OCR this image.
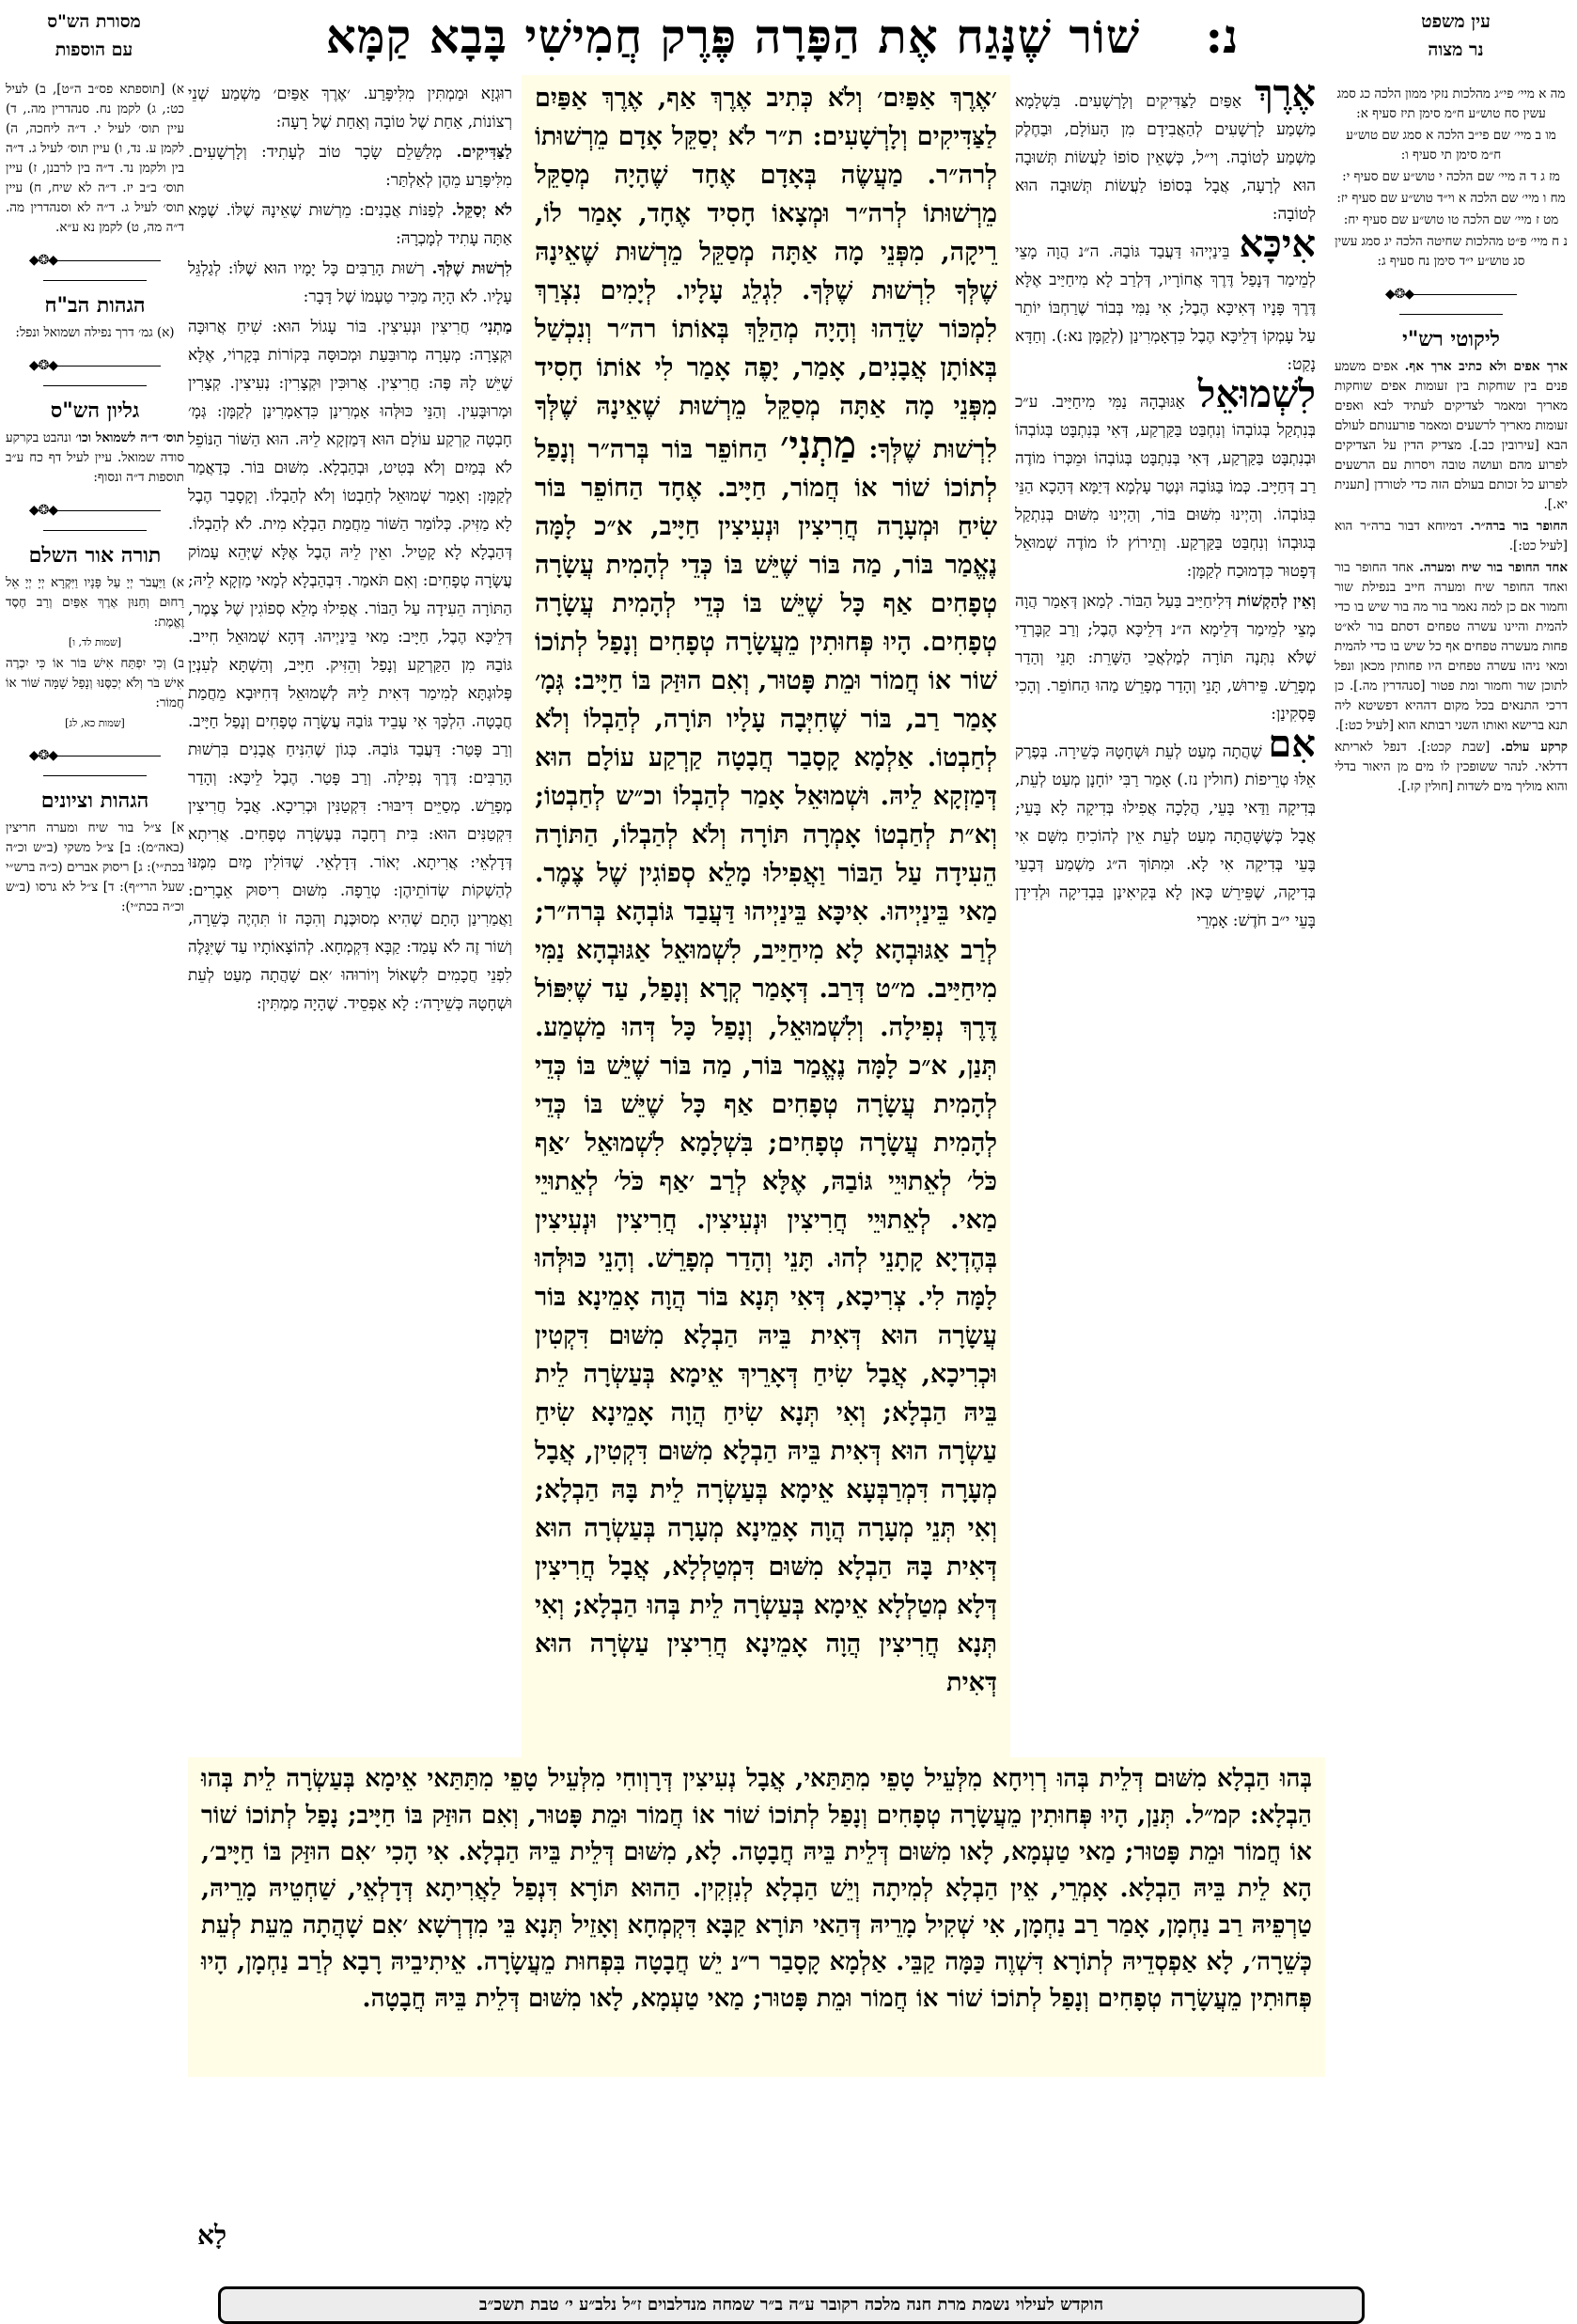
מסורת הש"ס
עם הוספות	שׁוֹר שֶׁנָּגַח אֶת הַפָּרָה פֶּרֶק חֲמִישִׁי בָּבָא קַמָּא	נ:	עין משפט
נר מצוה
מה א מיי׳ פי״ג מהלכות נזקי ממון הלכה כג סמג עשין סח טוש״ע ח״מ סימן תיז סעיף א:
מו ב מיי׳ שם פי״ב הלכה א סמג שם טוש״ע ח״מ סימן תי סעיף ו:
מז ג ד ה מיי׳ שם הלכה י טוש״ע שם סעיף י:
מח ו מיי׳ שם הלכה א וי״ד טוש״ע שם סעיף יז:
מט ז מיי׳ שם הלכה טו טוש״ע שם סעיף יח:
נ ח מיי׳ פ״ט מהלכות שחיטה הלכה יג סמג עשין סג טוש״ע י״ד סימן נח סעיף ג:
◆❂◆
ליקוטי רש"י
ארך אפים ולא כתיב ארך אף. אפים משמע פנים בין שוחקות בין זעומות אפים שוחקות מאריך ומאמר לצדיקים לעתיד לבא ואפים זעומות מאריך לרשעים ומאמר פורענותם לעולם הבא [עירובין כב.]. מצדיק הדין על הצדיקים לפרוע מהם ועושה טובה ויסרות עם הרשעים לפרוע כל זכותם בעולם הזה כדי לטורדן [תענית יא.].
החופר בור ברה״ר. דמיוחא דבור ברה״ר הוא [לעיל כט:].
אחד החופר בור שיח ומערה. אחד החופר בור ואחד החופר שיח ומערה חייב בנפילת שור וחמור אם כן למה נאמר בור מה בור שיש בו כדי להמית והיינו עשרה טפחים דסתם בור לא״ט פחות מעשרה טפחים אף כל שיש בו כדי להמית ומאי ניהו עשרה טפחים היו פחותין מכאן ונפל לתוכן שור וחמור ומת פטור [סנהדרין מה.]. כן דרכי התנאים בכל מקום דההיא דפשיטא ליה תנא ברישא ואותו השני רבותא הוא [לעיל כט:].
קרקע עולם. [שבת קכט:]. דנפל לאריתא דדלאי. לנהר ששופכין לו מים מן היאור בדלי והוא מוליך מים לשדות [חולין קז.].
א) [תוספתא פס״ב ה״ט], ב) לעיל כט:, ג) לקמן נח. סנהדרין מה., ד) עיין תוס׳ לעיל י. ד״ה ליחכה, ה) לקמן ע. נד, ו) עיין תוס׳ לעיל ג. ד״ה בין ולקמן נד. ד״ה בין לרבנן, ז) עיין תוס׳ ב״ב יז. ד״ה לא שיח, ח) עיין תוס׳ לעיל ג. ד״ה לא וסנהדרין מה. ד״ה מה, ט) לקמן נא ע״א.
◆❂◆
הגהות הב"ח
(א) גמ׳ דרך נפילה ושמואל ונפל:
◆❂◆
גליון הש"ס
תוס׳ ד״ה לשמואל וכו׳ ונהבט בקרקע סודה שמואל. עיין לעיל דף כח ע״ב תוספות ד״ה ונסוף:
◆❂◆
תורה אור השלם
א) וַיַּעֲבֹר יְיָ עַל פָּנָיו וַיִּקְרָא יְיָ יְיָ אֵל רַחוּם וְחַנּוּן אֶרֶךְ אַפַּיִם וְרַב חֶסֶד וֶאֱמֶת:
[שמות לד, ו]
ב) וְכִי יִפְתַּח אִישׁ בּוֹר אוֹ כִּי יִכְרֶה אִישׁ בֹּר וְלֹא יְכַסֶּנּוּ וְנָפַל שָׁמָּה שּׁוֹר אוֹ חֲמוֹר:
[שמות כא, לג]
◆❂◆
הגהות וציונים
א] צ״ל בור שיח ומערה חריצין (באה״מ): ב] צ״ל משקי (ב״ש וכ״ה בכת״י): ג] ריסוק אברים (כ״ה ברש״י שעל הרי״ף): ד] צ״ל לא גרסו (ב״ש וכ״ה בכת״י):
אֶרֶךְ אַפַּיִם לַצַּדִּיקִים וְלָרְשָׁעִים. בִּשְׁלָמָא מַשְׁמַע לָרְשָׁעִים לְהַאֲבִידָם מִן הָעוֹלָם, וּבַחֶלֶק מַשְׁמַע לְטוֹבָה. וְי״ל, כְּשֶׁאֵין סוֹפוֹ לַעֲשׂוֹת תְּשׁוּבָה הוּא לְרָעָה, אֲבָל בְּסוֹפוֹ לַעֲשׂוֹת תְּשׁוּבָה הוּא לְטוֹבָה:
אִיכָּא בֵּינַיְיהוּ דַּעֲבַד גּוֹבַהּ. ה״נ הֲוָה מָצֵי לְמֵימַר דְּנָפַל דֶּרֶךְ אֲחוֹרָיו, דְּלְרַב לָא מִיחַיַּיב אֶלָּא דֶּרֶךְ פָּנָיו דְּאִיכָּא הֶבֶל; אִי נַמִּי בְּבוֹר שֶׁרַחְבּוֹ יוֹתֵר עַל עָמְקוֹ דְּלֵיכָּא הֶבֶל כִּדְאָמְרִינַן (לְקַמָּן נא:). וְחַדָּא נָקַט:
לִשְׁמוּאֵל אַגּוּבְהָהּ נַמִּי מִיחַיַּיב. ע״כ בְּנִתְקַל בְּגוֹבְהוֹ וְנִחְבַּט בַּקַּרְקַע, דְּאִי בְּנִתְבָּט בְּגוֹבְהוֹ וּבְנִתְבָּט בַּקַּרְקַע, דְּאִי בְּנִתְבָּט בְּגוֹבְהוֹ וּמֵכְּרוֹ מוֹדֶה רַב דְּחַיָּיב. כְּמוֹ בַּגּוֹבַהּ וּנְטַר עָלְמָא דְּיַמָּא דְּהָכָא הַנֵּי בִּגּוֹבְהוֹ. וְהַיְינוּ מִשּׁוּם בּוֹר, וְהַיְינוּ מִשּׁוּם בְּנִתְקַל בְּגוּבְהוֹ וְנִחְבַּט בַּקַּרְקַע. וְתֵירוֹץ לוֹ מוֹדֶה שְׁמוּאֵל דְּפָטוּר כִּדְמוּכַח לְקַמָּן:
וְאֵין לְהַקְשׁוֹת דְּלִיחַיַּיב בַּעַל הַבּוֹר. לְמַאן דְּאָמַר הֲוָה מָצֵי לְמֵימַר דְּלֵימָא ה״נ דְּלֵיכָּא הֶבֶל; וְרַב קַבָּרְדֵי שֶׁלֹּא נִתְּנָה תּוֹרָה לְמַלְאֲכֵי הַשָּׁרֵת: תָּנֵי וְהַדַר מְפָרֵשׁ. פֵּירוּשׁ, תָּנֵי וְהָדַר מְפָרֵשׁ מַהוּ הַחוֹפֵר. וְהָכִי פָּסְקִינַן:
אִם שֶׁהֲתָה מְעַט לְעֵת וּשְׁחָטָהּ כְּשֵׁירָה. בְּפֶרֶק אֵלּוּ טְרֵיפוֹת (חולין נז.) אָמַר רַבִּי יוֹחָנָן מְעַט לְעֵת, בְּדִיקָה וַדַּאי בָּעֵי, הֲלָכָה אֲפִילוּ בְּדִיקָה לָא בָּעֵי; אֲבָל כְּשֶׁשָּׁהֲתָה מְעַט לְעֵת אֵין לְהוֹכִיחַ מִשָּׁם אִי בָּעֵי בְּדִיקָה אִי לָא. וּמִתּוֹךְ ה״ג מַשְׁמַע דְּבָעֵי בְּדִיקָה, שֶׁפֵּירֵשׁ כָּאן לָא בְּקִיאִינַן בִּבְדִיקָה וּלְדִידָן בָּעֵי י״ב חֹדֶשׁ: אָמְרֵי
רוּגְזָא וּמַמְתִּין מִלִּיפָּרַע. ׳אֶרֶךְ אַפַּיִם׳ מַשְׁמַע שְׁנֵי רְצוֹנוֹת, אַחַת שֶׁל טוֹבָה וְאַחַת שֶׁל רָעָה:
לַצַּדִּיקִים. מְלַשֵּׁלֵם שָׂכָר טוֹב לְעָתִיד: וְלָרְשָׁעִים. מִלִּיפָּרַע מֵהֶן לְאַלְתַּר:
לֹא יְסַקֵּל. לְפַנּוֹת אֲבָנִים: מֵרְשׁוּת שֶׁאֵינָהּ שֶׁלּוֹ. שֶׁמָּא אַתָּה עָתִיד לְמָכְרָהּ:
לִרְשׁוּת שֶׁלְּךָ. רְשׁוּת הָרַבִּים כָּל יָמָיו הוּא שֶׁלּוֹ: לְגַלְגֵּל עָלָיו. לֹא הָיָה מַכִּיר טַעְמוֹ שֶׁל דָּבָר:
מַתְנִי׳ חֲרִיצִין וּנְעִיצִין. בּוֹר עָגוֹל הוּא: שִׁיחַ אֲרוּכָּה וּקְצָרָה: מְעָרָה מְרוּבַּעַת וּמְכוּסָּה בְּקוֹרוֹת בְּקָרוֹי, אֶלָּא שֶׁיֵּשׁ לָהּ פֶּה: חֲרִיצִין. אֲרוּכִּין וּקְצָרִין: נְעִיצִין. קְצָרִין וּמְרוּבָּעִין. וְהַנֵּי כּוּלְּהוּ אָמְרִינַן כִּדְאַמְרִינַן לְקַמָּן: גְּמָ׳ חָבְטָה קַרְקַע עוֹלָם הוּא דְּמַזְקָא לֵיהּ. הוּא הַשּׁוֹר הַנּוֹפֵל לֹא בְּמַיִם וְלֹא בְּטִיט, וּבְהַבְלָא. מִשּׁוּם בּוֹר. כְּדַאֲמַר לְקַמָּן: וְאָמַר שְׁמוּאֵל לְחַבְטוֹ וְלֹא לְהַבְלוֹ. וְקָסָבַר הֶבֶל לָא מַזִּיק. כְּלוֹמַר הַשּׁוֹר מֵחֲמַת הַבְלָא מִית. לֹא לְהַבְלוֹ. דְּהַבְלָא לָא קָטֵיל. ואֵין לֵיהּ הֶבֶל אֶלָּא שֶׁיְּהֵא עָמוֹק עֲשָׂרָה טְפָחִים: וְאִם תֹּאמַר. דִּבְהַבְלָא לְמָאי מַזְקָא לֵיהּ; הַתּוֹרָה הֵעִידָה עַל הַבּוֹר. אֲפִילוּ מָלֵא סְפוֹגִין שֶׁל צֶמֶר, דְּלֵיכָּא הֶבֶל, חַיָּיב: מַאי בֵּינַיְיהוּ. דְּהָא שְׁמוּאֵל חִייב. גּוֹבַהּ מִן הַקַּרְקַע וְנָפַל וְהֵזִּיק. חַיָּיב, וְהַשְׁתָּא לְעִנְיַן פְּלוּגְתָּא לְמִימַר דְּאִית לֵיהּ לְשְׁמוּאֵל דְּחִיּוּבָא מֵחֲמַת חֲבָטָה. הִלְכָּךְ אִי עָבֵיד גּוֹבַהּ עֲשָׂרָה טְפָחִים וְנָפַל חַיָּיב. וְרַב פָּטַר: דַּעֲבַד גּוֹבַהּ. כְּגוֹן שֶׁהִנִּיחַ אֲבָנִים בִּרְשׁוּת הָרַבִּים: דֶּרֶךְ נְפִילָה. וְרַב פָּטַר. הֶבֶל לֵיכָּא: וְהָדַר מְפָרֵשׁ. מְסַיֵּים דִּיבּוּר: דִּקְטַנִּין וּכְרִיכָא. אֲבָל חֲרִיצִין דִּקְטַנִּים הוּא: בִּית רְחָבָה בְּעֶשְׂרָה טְפָחִים. אֲרִיתָא דְּדָלְאֵי: אֲרִיתָא. יְאוֹר. דְּדָלְאֵי. שֶׁדּוֹלִין מַיִם מִמֶּנּוּ לְהַשְׁקוֹת שְׂדוֹתֵיהֶן: טְרֵפָה. מִשּׁוּם רִיסּוּק אֵבָרִים: וַאֲמַרִינַן הָתָם שֶׁהִיא מְסוּכֶּנֶת וְהִכָּה זוֹ תִּהְיֶה כְּשֵׁרָה, וְשׁוֹר זֶה לֹא עָמַד: קַבָּא דִּקְמְחָא. לְהוֹצָאוֹתָיו עַד שֶׁיִּגָּלֶה לִפְנֵי חֲכָמִים לִשְׁאוֹל וְיוֹרוּהוּ ׳אִם שָׁהֲתָה מְעַט לְעֵת וּשְׁחָטָהּ כְּשֵׁירָה׳: לָא אַפְסֵיד. שֶׁהָיָה מַמְתִּין:
׳אֶרֶךְ אַפַּיִם׳ וְלֹא כְּתִיב אֶרֶךְ אַף, אֶרֶךְ אַפַּיִם לַצַּדִּיקִים וְלָרְשָׁעִים: ת״ר לֹא יְסַקֵּל אָדָם מֵרְשׁוּתוֹ לְרה״ר. מַעֲשֶׂה בְּאָדָם אֶחָד שֶׁהָיָה מְסַקֵּל מֵרְשׁוּתוֹ לְרה״ר וּמְצָאוֹ חָסִיד אֶחָד, אָמַר לוֹ, רֵיקָה, מִפְּנֵי מָה אַתָּה מְסַקֵּל מֵרְשׁוּת שֶׁאֵינָהּ שֶׁלְּךָ לִרְשׁוּת שֶׁלְּךָ. לִגְלֵג עָלָיו. לְיָמִים נִצְרַךְ לִמְכּוֹר שָׂדֵהוּ וְהָיָה מְהַלֵּךְ בְּאוֹתוֹ רה״ר וְנִכְשַׁל בְּאוֹתָן אֲבָנִים, אָמַר, יָפֶה אָמַר לִי אוֹתוֹ חָסִיד מִפְּנֵי מָה אַתָּה מְסַקֵּל מֵרְשׁוּת שֶׁאֵינָהּ שֶׁלְּךָ לִרְשׁוּת שֶׁלְּךָ: מַתְנִי׳ הַחוֹפֵר בּוֹר בְּרה״ר וְנָפַל לְתוֹכוֹ שׁוֹר אוֹ חֲמוֹר, חַיָּיב. אֶחָד הַחוֹפֵר בּוֹר שִׂיחַ וּמְעָרָה חֲרִיצִין וּנְעִיצִין חַיָּיב, א״כ לָמָּה נֶאֱמַר בּוֹר, מַה בּוֹר שֶׁיֵּשׁ בּוֹ כְּדֵי לְהָמִית עֲשָׂרָה טְפָחִים אַף כָּל שֶׁיֵּשׁ בּוֹ כְּדֵי לְהָמִית עֲשָׂרָה טְפָחִים. הָיוּ פְּחוּתִין מֵעֲשָׂרָה טְפָחִים וְנָפַל לְתוֹכוֹ שׁוֹר אוֹ חֲמוֹר וּמֵת פָּטוּר, וְאִם הוּזַּק בּוֹ חַיָּיב: גְּמָ׳ אָמַר רַב, בּוֹר שֶׁחִיְּבָה עָלָיו תּוֹרָה, לְהַבְלוֹ וְלֹא לְחַבְטוֹ. אַלְמָא קָסָבַר חֲבָטָה קַרְקַע עוֹלָם הוּא דְּמַזְקָא לֵיהּ. וּשְׁמוּאֵל אָמַר לְהַבְלוֹ וכ״ש לְחַבְטוֹ; וְא״ת לְחַבְטוֹ אָמְרָה תּוֹרָה וְלֹא לְהַבְלוֹ, הַתּוֹרָה הֵעִידָה עַל הַבּוֹר וַאֲפִילוּ מָלֵא סְפוֹגִין שֶׁל צֶמֶר. מַאי בֵּינַיְיהוּ. אִיכָּא בֵּינַיְיהוּ דַּעֲבַד גּוֹבְהָא בְּרה״ר; לְרַב אַגּוּבְהָא לָא מִיחַיַּיב, לִשְׁמוּאֵל אַגּוּבְהָא נַמִּי מִיחַיַּיב. מ״ט דְּרַב. דְּאָמַר קְרָא וְנָפַל, עַד שֶׁיִּפּוֹל דֶּרֶךְ נְפִילָה. וְלִשְׁמוּאֵל, וְנָפַל כָּל דְּהוּ מַשְׁמַע. תְּנַן, א״כ לָמָּה נֶאֱמַר בּוֹר, מַה בּוֹר שֶׁיֵּשׁ בּוֹ כְּדֵי לְהָמִית עֲשָׂרָה טְפָחִים אַף כָּל שֶׁיֵּשׁ בּוֹ כְּדֵי לְהָמִית עֲשָׂרָה טְפָחִים; בִּשְׁלָמָא לִשְׁמוּאֵל ׳אַף כֹּל׳ לְאֵתוּיֵי גּוֹבַהּ, אֶלָּא לְרַב ׳אַף כֹּל׳ לְאֵתוּיֵי מַאי. לְאֵתוּיֵי חֲרִיצִין וּנְעִיצִין. חֲרִיצִין וּנְעִיצִין בְּהֶדְיָא קָתָנֵי לְהוּ. תָּנֵי וְהָדַר מְפָרֵשׁ. וְהָנֵי כּוּלְּהוּ לָמָּה לִי. צְרִיכָא, דְּאִי תְּנָא בּוֹר הֲוָה אָמֵינָא בּוֹר עֲשָׂרָה הוּא דְּאִית בֵּיהּ הַבְלָא מִשּׁוּם דִּקְטִין וּכְרִיכָא, אֲבָל שִׂיחַ דְּאָרֵיךְ אֵימָא בְּעַשְׂרָה לֵית בֵּיהּ הַבְלָא; וְאִי תְּנָא שִׂיחַ הֲוָה אָמֵינָא שִׂיחַ עַשְׂרָה הוּא דְּאִית בֵּיהּ הַבְלָא מִשּׁוּם דִּקְטִין, אֲבָל מְעָרָה דִּמְרַבְּעָא אֵימָא בְּעַשְׂרָה לֵית בָּהּ הַבְלָא; וְאִי תְּנֵי מְעָרָה הֲוָה אָמֵינָא מְעָרָה בְּעַשְׂרָה הוּא דְּאִית בָּהּ הַבְלָא מִשּׁוּם דִּמְטַלְלָא, אֲבָל חֲרִיצִין דְּלָא מְטַלְלָא אֵימָא בְּעַשְׂרָה לֵית בְּהוּ הַבְלָא; וְאִי תְּנָא חֲרִיצִין הֲוָה אָמֵינָא חֲרִיצִין עַשְׂרָה הוּא דְּאִית
בְּהוּ הַבְלָא מִשּׁוּם דְּלֵית בְּהוּ רְוִיחָא מִלְּעֵיל טָפֵי מִתַּתַּאי, אֲבָל נְעִיצִין דְּרָוְוחִי מִלְּעֵיל טָפֵי מִתַּתַּאי אֵימָא בְּעַשְׂרָה לֵית בְּהוּ הַבְלָא: קמ״ל. תְּנַן, הָיוּ פְּחוּתִין מֵעֲשָׂרָה טְפָחִים וְנָפַל לְתוֹכוֹ שׁוֹר אוֹ חֲמוֹר וּמֵת פָּטוּר, וְאִם הוּזַּק בּוֹ חַיָּיב; נָפַל לְתוֹכוֹ שׁוֹר אוֹ חֲמוֹר וּמֵת פָּטוּר; מַאי טַעְמָא, לָאו מִשּׁוּם דְּלֵית בֵּיהּ חֲבָטָה. לָא, מִשּׁוּם דְּלֵית בֵּיהּ הַבְלָא. אִי הָכִי ׳אִם הוּזַּק בּוֹ חַיָּיב׳, הָא לֵית בֵּיהּ הַבְלָא. אָמְרֵי, אֵין הַבְלָא לְמִיתָה וְיֵשׁ הַבְלָא לְנִזְקִין. הַהוּא תּוֹרָא דִּנְפַל לַאֲרִיתָא דְּדָלְאֵי, שַׁחְטֵיהּ מָרֵיהּ, טַרְפֵיהּ רַב נַחְמָן, אָמַר רַב נַחְמָן, אִי שְׁקִיל מָרֵיהּ דְּהַאי תּוֹרָא קַבָּא דִּקְמְחָא וְאָזֵיל תְּנָא בֵּי מִדְרְשָׁא ׳אִם שָׁהֲתָה מֵעֵת לְעֵת כְּשֵׁרָה׳, לָא אַפְסְדֵיהּ לְתוֹרָא דִּשְׁוֶה כַּמָּה קַבֵּי. אַלְמָא קָסָבַר ר״נ יֵשׁ חֲבָטָה בִּפְחוּת מֵעֲשָׂרָה. אֵיתִיבֵיהּ רָבָא לְרַב נַחְמָן, הָיוּ פְּחוּתִין מֵעֲשָׂרָה טְפָחִים וְנָפַל לְתוֹכוֹ שׁוֹר אוֹ חֲמוֹר וּמֵת פָּטוּר; מַאי טַעְמָא, לָאו מִשּׁוּם דְּלֵית בֵּיהּ חֲבָטָה.
לָא
הוקדש לעילוי נשמת מרת חנה מלכה רקובר ע״ה ב״ר שמחה מנדלבוים ז״ל נלב״ע י׳ טבת תשכ״ב
